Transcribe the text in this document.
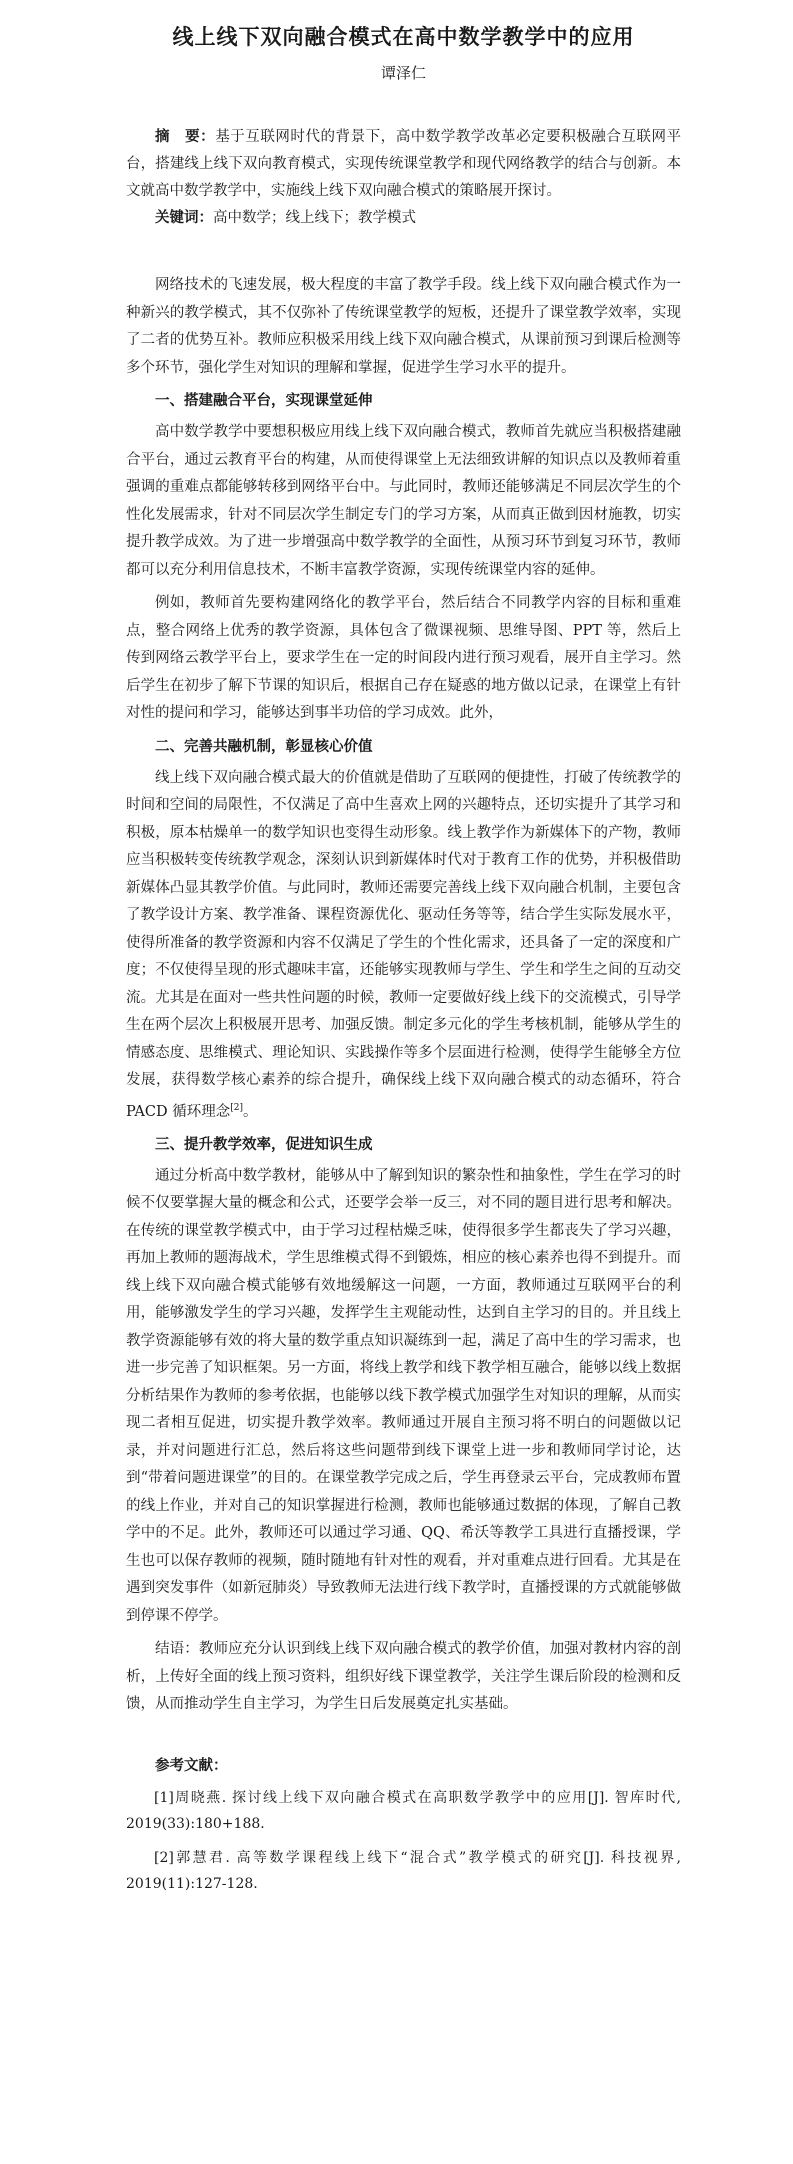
线上线下双向融合模式在高中数学教学中的应用
谭泽仁
摘　要：基于互联网时代的背景下，高中数学教学改革必定要积极融合互联网平台，搭建线上线下双向教育模式，实现传统课堂教学和现代网络教学的结合与创新。本文就高中数学教学中，实施线上线下双向融合模式的策略展开探讨。
关键词：高中数学；线上线下；教学模式

网络技术的飞速发展，极大程度的丰富了教学手段。线上线下双向融合模式作为一种新兴的教学模式，其不仅弥补了传统课堂教学的短板，还提升了课堂教学效率，实现了二者的优势互补。教师应积极采用线上线下双向融合模式，从课前预习到课后检测等多个环节，强化学生对知识的理解和掌握，促进学生学习水平的提升。

一、搭建融合平台，实现课堂延伸

高中数学教学中要想积极应用线上线下双向融合模式，教师首先就应当积极搭建融合平台，通过云教育平台的构建，从而使得课堂上无法细致讲解的知识点以及教师着重强调的重难点都能够转移到网络平台中。与此同时，教师还能够满足不同层次学生的个性化发展需求，针对不同层次学生制定专门的学习方案，从而真正做到因材施教，切实提升教学成效。为了进一步增强高中数学教学的全面性，从预习环节到复习环节，教师都可以充分利用信息技术，不断丰富教学资源，实现传统课堂内容的延伸。

例如，教师首先要构建网络化的教学平台，然后结合不同教学内容的目标和重难点，整合网络上优秀的教学资源，具体包含了微课视频、思维导图、PPT 等，然后上传到网络云教学平台上，要求学生在一定的时间段内进行预习观看，展开自主学习。然后学生在初步了解下节课的知识后，根据自己存在疑惑的地方做以记录，在课堂上有针对性的提问和学习，能够达到事半功倍的学习成效。此外，

二、完善共融机制，彰显核心价值

线上线下双向融合模式最大的价值就是借助了互联网的便捷性，打破了传统教学的时间和空间的局限性，不仅满足了高中生喜欢上网的兴趣特点，还切实提升了其学习和积极，原本枯燥单一的数学知识也变得生动形象。线上教学作为新媒体下的产物，教师应当积极转变传统教学观念，深刻认识到新媒体时代对于教育工作的优势，并积极借助新媒体凸显其教学价值。与此同时，教师还需要完善线上线下双向融合机制，主要包含了教学设计方案、教学准备、课程资源优化、驱动任务等等，结合学生实际发展水平，使得所准备的教学资源和内容不仅满足了学生的个性化需求，还具备了一定的深度和广度；不仅使得呈现的形式趣味丰富，还能够实现教师与学生、学生和学生之间的互动交流。尤其是在面对一些共性问题的时候，教师一定要做好线上线下的交流模式，引导学生在两个层次上积极展开思考、加强反馈。制定多元化的学生考核机制，能够从学生的情感态度、思维模式、理论知识、实践操作等多个层面进行检测，使得学生能够全方位发展，获得数学核心素养的综合提升，确保线上线下双向融合模式的动态循环，符合 PACD 循环理念[2]。

三、提升教学效率，促进知识生成

通过分析高中数学教材，能够从中了解到知识的繁杂性和抽象性，学生在学习的时候不仅要掌握大量的概念和公式，还要学会举一反三，对不同的题目进行思考和解决。在传统的课堂教学模式中，由于学习过程枯燥乏味，使得很多学生都丧失了学习兴趣，再加上教师的题海战术，学生思维模式得不到锻炼，相应的核心素养也得不到提升。而线上线下双向融合模式能够有效地缓解这一问题，一方面，教师通过互联网平台的利用，能够激发学生的学习兴趣，发挥学生主观能动性，达到自主学习的目的。并且线上教学资源能够有效的将大量的数学重点知识凝练到一起，满足了高中生的学习需求，也进一步完善了知识框架。另一方面，将线上教学和线下教学相互融合，能够以线上数据分析结果作为教师的参考依据，也能够以线下教学模式加强学生对知识的理解，从而实现二者相互促进，切实提升教学效率。教师通过开展自主预习将不明白的问题做以记录，并对问题进行汇总，然后将这些问题带到线下课堂上进一步和教师同学讨论，达到“带着问题进课堂”的目的。在课堂教学完成之后，学生再登录云平台，完成教师布置的线上作业，并对自己的知识掌握进行检测，教师也能够通过数据的体现，了解自己教学中的不足。此外，教师还可以通过学习通、QQ、希沃等教学工具进行直播授课，学生也可以保存教师的视频，随时随地有针对性的观看，并对重难点进行回看。尤其是在遇到突发事件（如新冠肺炎）导致教师无法进行线下教学时，直播授课的方式就能够做到停课不停学。

结语：教师应充分认识到线上线下双向融合模式的教学价值，加强对教材内容的剖析，上传好全面的线上预习资料，组织好线下课堂教学，关注学生课后阶段的检测和反馈，从而推动学生自主学习，为学生日后发展奠定扎实基础。

参考文献：
[1]周晓燕. 探讨线上线下双向融合模式在高职数学教学中的应用[J]. 智库时代, 2019(33):180+188.
[2]郭慧君. 高等数学课程线上线下“混合式”教学模式的研究[J]. 科技视界, 2019(11):127-128.
